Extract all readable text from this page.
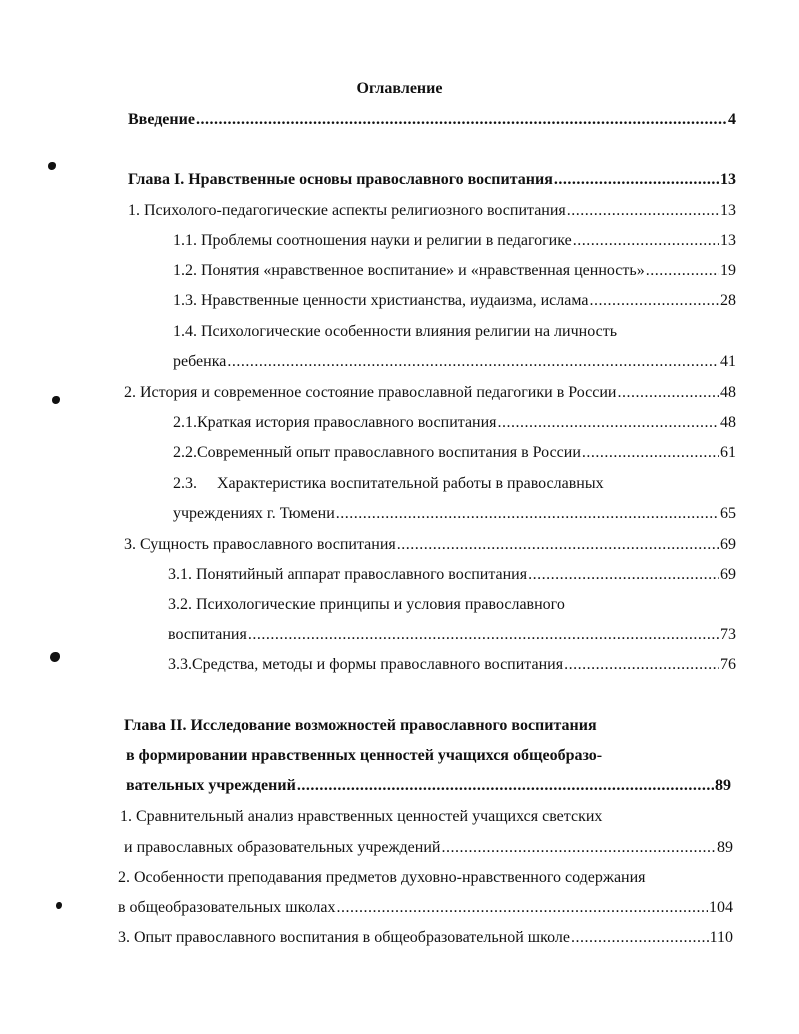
Оглавление
Введение .....	4
Глава I. Нравственные основы православного воспитания .....	13
1. Психолого-педагогические аспекты религиозного воспитания .....	13
1.1. Проблемы соотношения науки и религии в педагогике .....	13
1.2. Понятия «нравственное воспитание» и «нравственная ценность» .....	19
1.3. Нравственные ценности христианства, иудаизма, ислама .....	28
1.4. Психологические особенности влияния религии на личность
ребенка .....	41
2. История и современное состояние православной педагогики в России .....	48
2.1. Краткая история православного воспитания .....	48
2.2. Современный опыт православного воспитания в России .....	61
2.3. Характеристика воспитательной работы в православных
учреждениях г. Тюмени .....	65
3. Сущность православного воспитания .....	69
3.1. Понятийный аппарат православного воспитания .....	69
3.2. Психологические принципы и условия православного
воспитания .....	73
3.3. Средства, методы и формы православного воспитания .....	76
Глава II. Исследование возможностей православного воспитания
в формировании нравственных ценностей учащихся общеобразо-
вательных учреждений .....	89
1. Сравнительный анализ нравственных ценностей учащихся светских
и православных образовательных учреждений .....	89
2. Особенности преподавания предметов духовно-нравственного содержания
в общеобразовательных школах .....	104
3. Опыт православного воспитания в общеобразовательной школе .....	110
